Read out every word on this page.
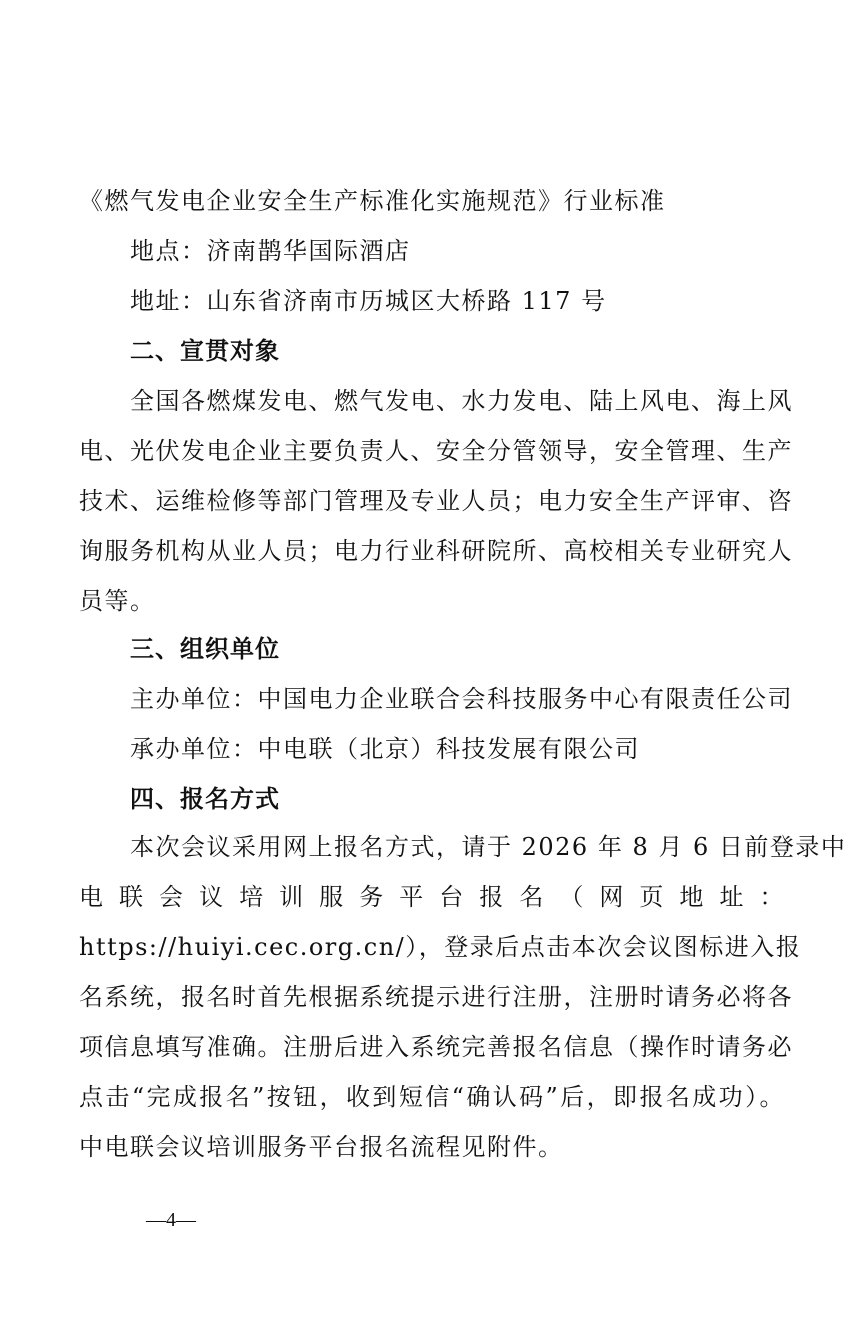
《燃气发电企业安全生产标准化实施规范》行业标准
地点：济南鹊华国际酒店
地址：山东省济南市历城区大桥路 117 号
二、宣贯对象
全国各燃煤发电、燃气发电、水力发电、陆上风电、海上风
电、光伏发电企业主要负责人、安全分管领导，安全管理、生产
技术、运维检修等部门管理及专业人员；电力安全生产评审、咨
询服务机构从业人员；电力行业科研院所、高校相关专业研究人
员等。
三、组织单位
主办单位：中国电力企业联合会科技服务中心有限责任公司
承办单位：中电联（北京）科技发展有限公司
四、报名方式
本次会议采用网上报名方式，请于 2026 年 8 月 6 日前登录中
电 联 会 议 培 训 服 务 平 台 报 名 （ 网 页 地 址 ：
https://huiyi.cec.org.cn/），登录后点击本次会议图标进入报
名系统，报名时首先根据系统提示进行注册，注册时请务必将各
项信息填写准确。注册后进入系统完善报名信息（操作时请务必
点击“完成报名”按钮，收到短信“确认码”后，即报名成功）。
中电联会议培训服务平台报名流程见附件。
—4—
